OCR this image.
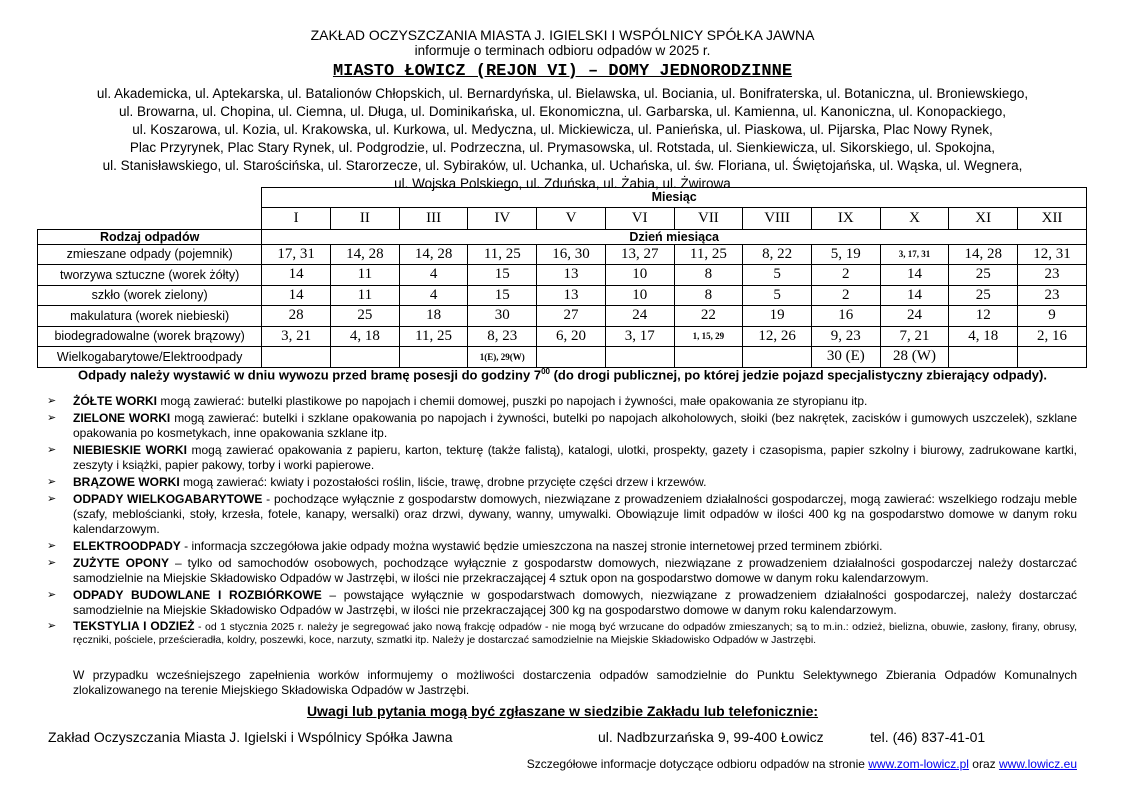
ZAKŁAD OCZYSZCZANIA MIASTA J. IGIELSKI I WSPÓLNICY SPÓŁKA JAWNA
informuje o terminach odbioru odpadów w 2025 r.
MIASTO ŁOWICZ (REJON VI) – DOMY JEDNORODZINNE
ul. Akademicka, ul. Aptekarska, ul. Batalionów Chłopskich, ul. Bernardyńska, ul. Bielawska, ul. Bociania, ul. Bonifraterska, ul. Botaniczna, ul. Broniewskiego,
ul. Browarna, ul. Chopina, ul. Ciemna, ul. Długa, ul. Dominikańska, ul. Ekonomiczna, ul. Garbarska, ul. Kamienna, ul. Kanoniczna, ul. Konopackiego,
ul. Koszarowa, ul. Kozia, ul. Krakowska, ul. Kurkowa, ul. Medyczna, ul. Mickiewicza, ul. Panieńska, ul. Piaskowa, ul. Pijarska, Plac Nowy Rynek,
Plac Przyrynek, Plac Stary Rynek, ul. Podgrodzie, ul. Podrzeczna, ul. Prymasowska, ul. Rotstada, ul. Sienkiewicza, ul. Sikorskiego, ul. Spokojna,
ul. Stanisławskiego, ul. Starościńska, ul. Starorzecze, ul. Sybiraków, ul. Uchanka, ul. Uchańska, ul. św. Floriana, ul. Świętojańska, ul. Wąska, ul. Wegnera,
ul. Wojska Polskiego, ul. Zduńska, ul. Żabia, ul. Żwirowa
	Miesiąc											
	I	II	III	IV	V	VI	VII	VIII	IX	X	XI	XII
Rodzaj odpadów	Dzień miesiąca											
zmieszane odpady (pojemnik)	17, 31	14, 28	14, 28	11, 25	16, 30	13, 27	11, 25	8, 22	5, 19	3, 17, 31	14, 28	12, 31
tworzywa sztuczne (worek żółty)	14	11	4	15	13	10	8	5	2	14	25	23
szkło (worek zielony)	14	11	4	15	13	10	8	5	2	14	25	23
makulatura (worek niebieski)	28	25	18	30	27	24	22	19	16	24	12	9
biodegradowalne (worek brązowy)	3, 21	4, 18	11, 25	8, 23	6, 20	3, 17	1, 15, 29	12, 26	9, 23	7, 21	4, 18	2, 16
Wielkogabarytowe/Elektroodpady				1(E), 29(W)					30 (E)	28 (W)		
Odpady należy wystawić w dniu wywozu przed bramę posesji do godziny $7^{00}$ (do drogi publicznej, po której jedzie pojazd specjalistyczny zbierający odpady).
➢ ŻÓŁTE WORKI mogą zawierać: butelki plastikowe po napojach i chemii domowej, puszki po napojach i żywności, małe opakowania ze styropianu itp.
➢ ZIELONE WORKI mogą zawierać: butelki i szklane opakowania po napojach i żywności, butelki po napojach alkoholowych, słoiki (bez nakrętek, zacisków i gumowych uszczelek), szklane opakowania po kosmetykach, inne opakowania szklane itp.
➢ NIEBIESKIE WORKI mogą zawierać opakowania z papieru, karton, tekturę (także falistą), katalogi, ulotki, prospekty, gazety i czasopisma, papier szkolny i biurowy, zadrukowane kartki, zeszyty i książki, papier pakowy, torby i worki papierowe.
➢ BRĄZOWE WORKI mogą zawierać: kwiaty i pozostałości roślin, liście, trawę, drobne przycięte części drzew i krzewów.
➢ ODPADY WIELKOGABARYTOWE - pochodzące wyłącznie z gospodarstw domowych, niezwiązane z prowadzeniem działalności gospodarczej, mogą zawierać: wszelkiego rodzaju meble (szafy, meblościanki, stoły, krzesła, fotele, kanapy, wersalki) oraz drzwi, dywany, wanny, umywalki. Obowiązuje limit odpadów w ilości 400 kg na gospodarstwo domowe w danym roku kalendarzowym.
➢ ELEKTROODPADY - informacja szczegółowa jakie odpady można wystawić będzie umieszczona na naszej stronie internetowej przed terminem zbiórki.
➢ ZUŻYTE OPONY – tylko od samochodów osobowych, pochodzące wyłącznie z gospodarstw domowych, niezwiązane z prowadzeniem działalności gospodarczej należy dostarczać samodzielnie na Miejskie Składowisko Odpadów w Jastrzębi, w ilości nie przekraczającej 4 sztuk opon na gospodarstwo domowe w danym roku kalendarzowym.
➢ ODPADY BUDOWLANE I ROZBIÓRKOWE – powstające wyłącznie w gospodarstwach domowych, niezwiązane z prowadzeniem działalności gospodarczej, należy dostarczać samodzielnie na Miejskie Składowisko Odpadów w Jastrzębi, w ilości nie przekraczającej 300 kg na gospodarstwo domowe w danym roku kalendarzowym.
➢ TEKSTYLIA I ODZIEŻ - od 1 stycznia 2025 r. należy je segregować jako nową frakcję odpadów - nie mogą być wrzucane do odpadów zmieszanych; są to m.in.: odzież, bielizna, obuwie, zasłony, firany, obrusy, ręczniki, pościele, prześcieradła, koldry, poszewki, koce, narzuty, szmatki itp. Należy je dostarczać samodzielnie na Miejskie Składowisko Odpadów w Jastrzębi.
W przypadku wcześniejszego zapełnienia worków informujemy o możliwości dostarczenia odpadów samodzielnie do Punktu Selektywnego Zbierania Odpadów Komunalnych zlokalizowanego na terenie Miejskiego Składowiska Odpadów w Jastrzębi.
Uwagi lub pytania mogą być zgłaszane w siedzibie Zakładu lub telefonicznie:
Zakład Oczyszczania Miasta J. Igielski i Wspólnicy Spółka Jawna	ul. Nadbzurzańska 9, 99-400 Łowicz	tel. (46) 837-41-01
Szczegółowe informacje dotyczące odbioru odpadów na stronie www.zom-lowicz.pl oraz www.lowicz.eu
